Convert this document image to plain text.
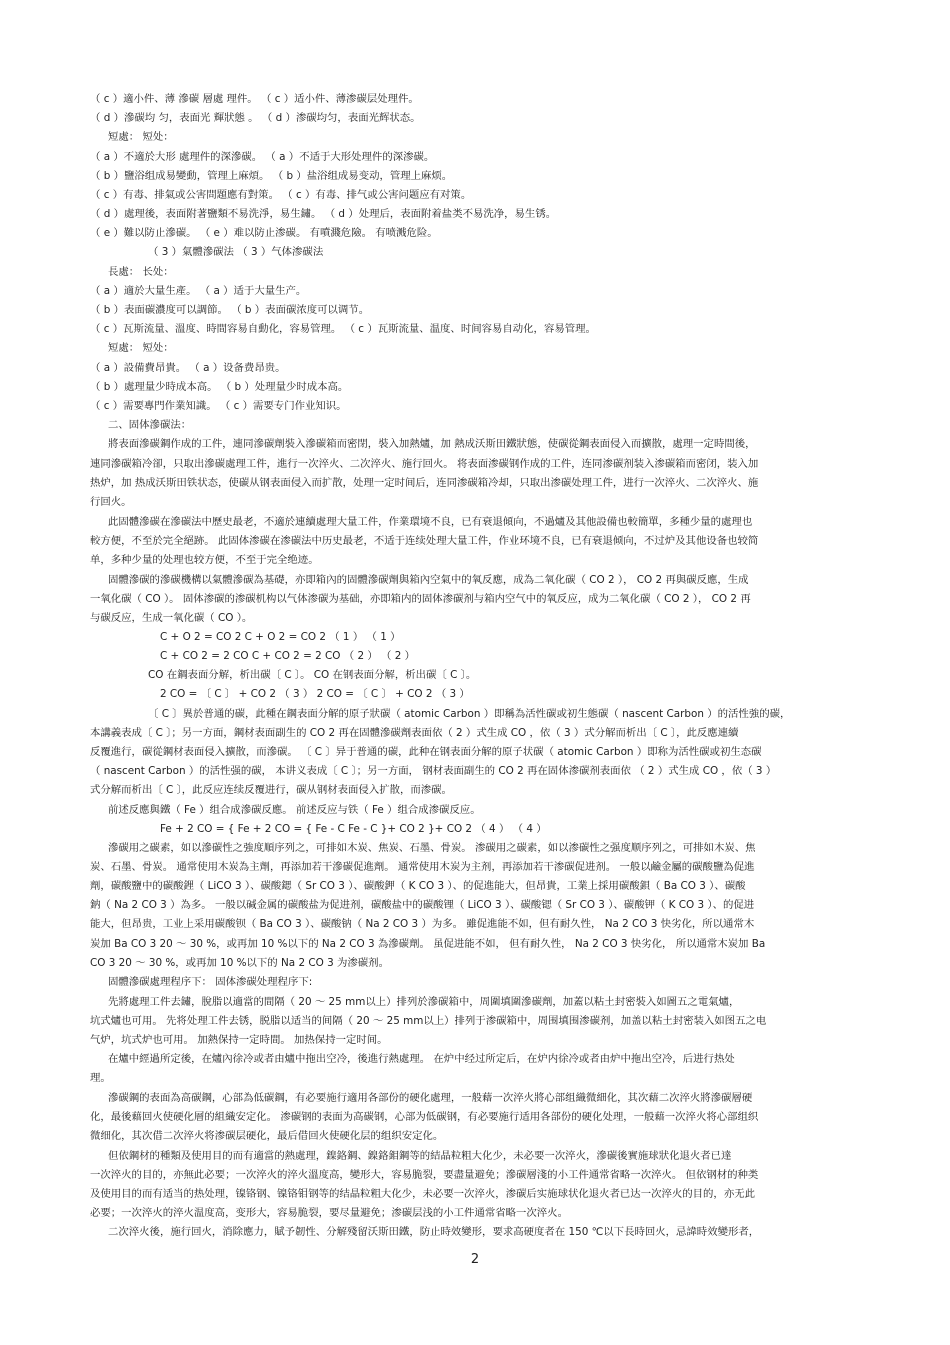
（ c ）適小件、薄 滲碳 層處 理件。 （ c ）适小件、薄渗碳层处理件。
（ d ）滲碳均 匀，表面光 輝狀態 。 （ d ）渗碳均匀，表面光辉状态。
短處： 短处：
（ a ）不適於大形 處理件的深滲碳。 （ a ）不适于大形处理件的深渗碳。
（ b ）鹽浴组成易變動，管理上麻煩。 （ b ）盐浴组成易变动，管理上麻烦。
（ c ）有毒、排氣或公害問題應有對策。 （ c ）有毒、排气或公害问题应有对策。
（ d ）處理後，表面附著鹽類不易洗淨，易生鏽。 （ d ）处理后，表面附着盐类不易洗净，易生锈。
（ e ）難以防止滲碳。 （ e ）难以防止渗碳。 有噴濺危險。 有喷溅危险。
（ 3 ）氣體滲碳法 （ 3 ）气体渗碳法
長處： 长处：
（ a ）適於大量生產。 （ a ）适于大量生产。
（ b ）表面碳濃度可以調節。 （ b ）表面碳浓度可以调节。
（ c ）瓦斯流量、溫度、時間容易自動化，容易管理。 （ c ）瓦斯流量、温度、时间容易自动化，容易管理。
短處： 短处：
（ a ）設備費昂貴。 （ a ）设备费昂贵。
（ b ）處理量少時成本高。 （ b ）处理量少时成本高。
（ c ）需要專門作業知識。 （ c ）需要专门作业知识。
二、固体滲碳法：
將表面滲碳鋼作成的工件，連同滲碳劑裝入滲碳箱而密閉，裝入加熱爐，加 熱成沃斯田鐵狀態，使碳從鋼表面侵入而擴散，處理一定時間後，
連同滲碳箱冷卻，只取出滲碳處理工件，進行一次淬火、二次淬火、施行回火。 将表面渗碳钢作成的工件，连同渗碳剂装入渗碳箱而密闭，装入加
热炉，加 热成沃斯田铁状态，使碳从钢表面侵入而扩散，处理一定时间后，连同渗碳箱冷却，只取出渗碳处理工件，进行一次淬火、二次淬火、施
行回火。
此固體滲碳在滲碳法中歷史最老，不適於連續處理大量工件，作業環境不良，已有衰退傾向，不過爐及其他設備也較簡單，多種少量的處理也
較方便，不至於完全絕跡。 此固体渗碳在渗碳法中历史最老，不适于连续处理大量工件，作业环境不良，已有衰退倾向，不过炉及其他设备也较简
单，多种少量的处理也较方便，不至于完全绝迹。
固體滲碳的滲碳機構以氣體滲碳為基礎，亦即箱內的固體滲碳劑與箱內空氣中的氧反應，成為二氧化碳（ CO 2 ）， CO 2 再與碳反應，生成
一氧化碳（ CO ）。 固体渗碳的渗碳机构以气体渗碳为基础，亦即箱内的固体渗碳剂与箱内空气中的氧反应，成为二氧化碳（ CO 2 ）， CO 2 再
与碳反应，生成一氧化碳（ CO ）。
C + O 2 = CO 2 C + O 2 = CO 2 （ 1 ） （ 1 ）
C + CO 2 = 2 CO C + CO 2 = 2 CO （ 2 ） （ 2 ）
CO 在鋼表面分解，析出碳〔 C 〕。 CO 在钢表面分解，析出碳〔 C 〕。
2 CO = 〔 C 〕 + CO 2 （ 3 ） 2 CO = 〔 C 〕 + CO 2 （ 3 ）
〔 C 〕異於普通的碳，此種在鋼表面分解的原子狀碳（ atomic Carbon ）即稱為活性碳或初生態碳（ nascent Carbon ）的活性強的碳，
本講義表成〔 C 〕；另一方面，鋼材表面副生的 CO 2 再在固體滲碳劑表面依（ 2 ）式生成 CO ，依（ 3 ）式分解而析出〔 C 〕，此反應連續
反覆進行，碳從鋼材表面侵入擴散，而滲碳。 〔 C 〕异于普通的碳，此种在钢表面分解的原子状碳（ atomic Carbon ）即称为活性碳或初生态碳
（ nascent Carbon ）的活性强的碳， 本讲义表成〔 C 〕；另一方面， 钢材表面副生的 CO 2 再在固体渗碳剂表面依 （ 2 ）式生成 CO ，依（ 3 ）
式分解而析出〔 C 〕，此反应连续反覆进行，碳从钢材表面侵入扩散，而渗碳。
前述反應與鐵（ Fe ）组合成滲碳反應。 前述反应与铁（ Fe ）组合成渗碳反应。
Fe + 2 CO = { Fe + 2 CO = { Fe - C Fe - C }+ CO 2 }+ CO 2 （ 4 ） （ 4 ）
滲碳用之碳素，如以滲碳性之強度順序列之，可排如木炭、焦炭、石墨、骨炭。 渗碳用之碳素，如以渗碳性之强度顺序列之，可排如木炭、焦
炭、石墨、骨炭。 通常使用木炭為主劑，再添加若干滲碳促進劑。 通常使用木炭为主剂，再添加若干渗碳促进剂。 一般以鹼金屬的碳酸鹽為促進
劑，碳酸鹽中的碳酸鋰（ LiCO 3 ）、碳酸鍶（ Sr CO 3 ）、碳酸鉀（ K CO 3 ）、的促進能大，但昂貴，工業上採用碳酸鋇（ Ba CO 3 ）、碳酸
鈉（ Na 2 CO 3 ）為多。 一般以碱金属的碳酸盐为促进剂，碳酸盐中的碳酸锂（ LiCO 3 ）、碳酸锶（ Sr CO 3 ）、碳酸钾（ K CO 3 ）、的促进
能大，但昂贵，工业上采用碳酸钡（ Ba CO 3 ）、碳酸钠（ Na 2 CO 3 ）为多。 雖促進能不如，但有耐久性， Na 2 CO 3 快劣化，所以通常木
炭加 Ba CO 3 20 ～ 30 %，或再加 10 %以下的 Na 2 CO 3 為滲碳劑。 虽促进能不如， 但有耐久性， Na 2 CO 3 快劣化， 所以通常木炭加 Ba
CO 3 20 ～ 30 %，或再加 10 %以下的 Na 2 CO 3 为渗碳剂。
固體滲碳處理程序下： 固体渗碳处理程序下:
先將處理工件去鏽，脫脂以適當的間隔（ 20 ～ 25 mm以上）排列於滲碳箱中，周圍填圍滲碳劑，加蓋以粘土封密裝入如圖五之電氣爐，
坑式爐也可用。 先将处理工件去锈，脱脂以适当的间隔（ 20 ～ 25 mm以上）排列于渗碳箱中，周围填围渗碳剂，加盖以粘土封密装入如图五之电
气炉，坑式炉也可用。 加熱保持一定時間。 加热保持一定时间。
在爐中經過所定後，在爐內徐冷或者由爐中拖出空冷，後進行熱處理。 在炉中经过所定后，在炉内徐冷或者由炉中拖出空冷，后进行热处
理。
滲碳鋼的表面為高碳鋼，心部為低碳鋼，有必要施行適用各部份的硬化處理，一般藉一次淬火將心部组織微細化，其次藉二次淬火將滲碳層硬
化，最後藉回火使硬化層的組織安定化。 渗碳钢的表面为高碳钢，心部为低碳钢，有必要施行适用各部份的硬化处理，一般藉一次淬火将心部组织
微细化，其次借二次淬火将渗碳层硬化，最后借回火使硬化层的组织安定化。
但依鋼材的種類及使用目的而有適當的熱處理，鎳鉻鋼、鎳鉻鉬鋼等的結晶粒粗大化少，未必要一次淬火，滲碳後實施球狀化退火者已達
一次淬火的目的，亦無此必要；一次淬火的淬火溫度高，變形大，容易脆裂，要盡量避免；滲碳層淺的小工件通常省略一次淬火。 但依钢材的种类
及使用目的而有适当的热处理，镍铬钢、镍铬钼钢等的结晶粒粗大化少，未必要一次淬火，渗碳后实施球状化退火者已达一次淬火的目的，亦无此
必要；一次淬火的淬火温度高，变形大，容易脆裂，要尽量避免；渗碳层浅的小工件通常省略一次淬火。
二次淬火後，施行回火，消除應力，賦予韌性、分解殘留沃斯田鐵，防止時效變形，要求高硬度者在 150 ℃以下長時回火，忌諱時效變形者，
2
